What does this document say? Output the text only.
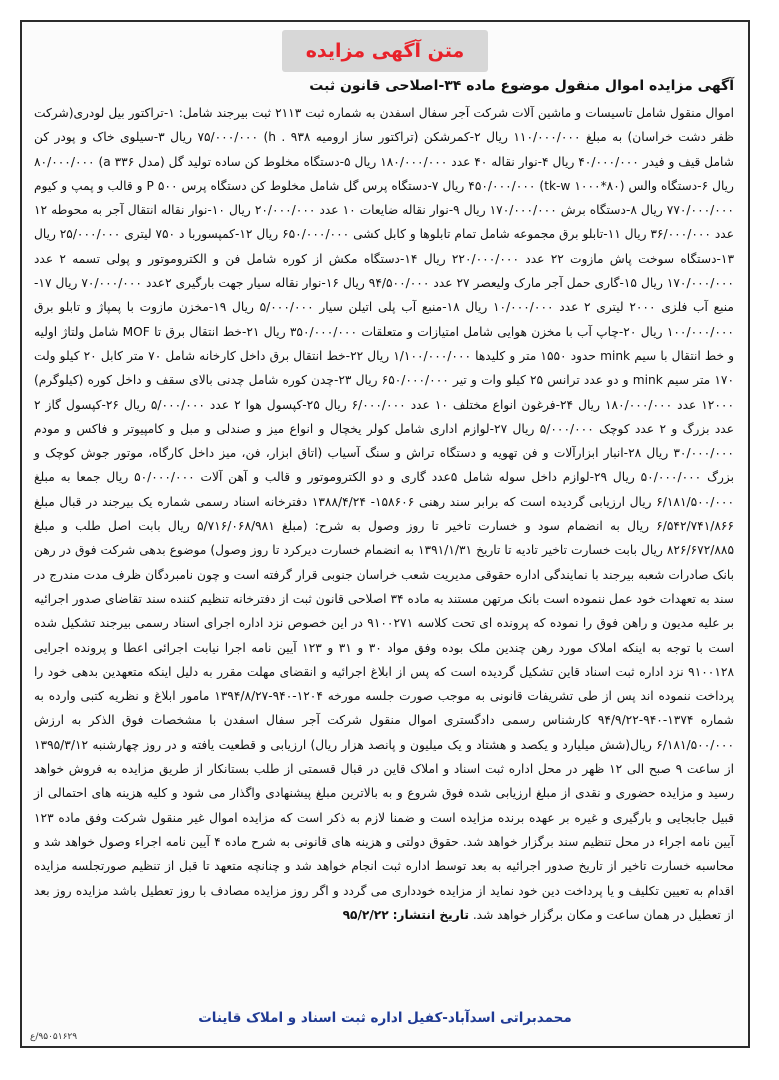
متن آگهی مزایده
آگهی مزایده اموال منقول موضوع ماده ۳۴-اصلاحی قانون ثبت

اموال منقول شامل تاسیسات و ماشین آلات شرکت آجر سفال اسفدن به شماره ثبت ۲۱۱۳ ثبت بیرجند شامل: ۱-تراکتور بیل لودری(شرکت ظفر دشت خراسان) به مبلغ ۱۱۰/۰۰۰/۰۰۰ ریال ۲-کمرشکن (تراکتور ساز ارومیه h . ۹۳۸) ۷۵/۰۰۰/۰۰۰ ریال ۳-سیلوی خاک و پودر کن شامل قیف و فیدر ۴۰/۰۰۰/۰۰۰ ریال ۴-نوار نقاله ۴۰ عدد ۱۸۰/۰۰۰/۰۰۰ ریال ۵-دستگاه مخلوط کن ساده تولید گل (مدل a ۳۳۶) ۸۰/۰۰۰/۰۰۰ ریال ۶-دستگاه والس (tk-w ۱۰۰۰*۸۰) ۴۵۰/۰۰۰/۰۰۰ ریال ۷-دستگاه پرس گل شامل مخلوط کن دستگاه پرس P ۵۰۰ و قالب و پمپ و کیوم ۷۷۰/۰۰۰/۰۰۰ ریال ۸-دستگاه برش ۱۷۰/۰۰۰/۰۰۰ ریال ۹-نوار نقاله ضایعات ۱۰ عدد ۲۰/۰۰۰/۰۰۰ ریال ۱۰-نوار نقاله انتقال آجر به محوطه ۱۲ عدد ۳۶/۰۰۰/۰۰۰ ریال ۱۱-تابلو برق مجموعه شامل تمام تابلوها و کابل کشی ۶۵۰/۰۰۰/۰۰۰ ریال ۱۲-کمپسوربا د ۷۵۰ لیتری ۲۵/۰۰۰/۰۰۰ ریال ۱۳-دستگاه سوخت پاش مازوت ۲۲ عدد ۲۲۰/۰۰۰/۰۰۰ ریال ۱۴-دستگاه مکش از کوره شامل فن و الکتروموتور و پولی تسمه ۲ عدد ۱۷۰/۰۰۰/۰۰۰ ریال ۱۵-گاری حمل آجر مارک ولیعصر ۲۷ عدد ۹۴/۵۰۰/۰۰۰ ریال ۱۶-نوار نقاله سیار جهت بارگیری ۲عدد ۷۰/۰۰۰/۰۰۰ ریال ۱۷-منبع آب فلزی ۲۰۰۰ لیتری ۲ عدد ۱۰/۰۰۰/۰۰۰ ریال ۱۸-منبع آب پلی اتیلن سیار ۵/۰۰۰/۰۰۰ ریال ۱۹-مخزن مازوت با پمپاژ و تابلو برق ۱۰۰/۰۰۰/۰۰۰ ریال ۲۰-چاپ آب با مخزن هوایی شامل امتیازات و متعلقات ۳۵۰/۰۰۰/۰۰۰ ریال ۲۱-خط انتقال برق تا MOF شامل ولتاژ اولیه و خط انتقال با سیم mink حدود ۱۵۵۰ متر و کلیدها ۱/۱۰۰/۰۰۰/۰۰۰ ریال ۲۲-خط انتقال برق داخل کارخانه شامل ۷۰ متر کابل ۲۰ کیلو ولت ۱۷۰ متر سیم mink و دو عدد ترانس ۲۵ کیلو وات و تیر ۶۵۰/۰۰۰/۰۰۰ ریال ۲۳-چدن کوره شامل چدنی بالای سقف و داخل کوره (کیلوگرم) ۱۲۰۰۰ عدد ۱۸۰/۰۰۰/۰۰۰ ریال ۲۴-فرغون انواع مختلف ۱۰ عدد ۶/۰۰۰/۰۰۰ ریال ۲۵-کپسول هوا ۲ عدد ۵/۰۰۰/۰۰۰ ریال ۲۶-کپسول گاز ۲ عدد بزرگ و ۲ عدد کوچک ۵/۰۰۰/۰۰۰ ریال ۲۷-لوازم اداری شامل کولر یخچال و انواع میز و صندلی و مبل و کامپیوتر و فاکس و مودم ۳۰/۰۰۰/۰۰۰ ریال ۲۸-انبار ابزارآلات و فن تهویه و دستگاه تراش و سنگ آسیاب (اتاق ابزار، فن، میز داخل کارگاه، موتور جوش کوچک و بزرگ ۵۰/۰۰۰/۰۰۰ ریال ۲۹-لوازم داخل سوله شامل ۵عدد گاری و دو الکتروموتور و قالب و آهن آلات ۵۰/۰۰۰/۰۰۰ ریال جمعا به مبلغ ۶/۱۸۱/۵۰۰/۰۰۰ ریال ارزیابی گردیده است که برابر سند رهنی ۱۵۸۶۰۶- ۱۳۸۸/۴/۲۴ دفترخانه اسناد رسمی شماره یک بیرجند در قبال مبلغ ۶/۵۴۲/۷۴۱/۸۶۶ ریال به انضمام سود و خسارت تاخیر تا روز وصول به شرح: (مبلغ ۵/۷۱۶/۰۶۸/۹۸۱ ریال بابت اصل طلب و مبلغ ۸۲۶/۶۷۲/۸۸۵ ریال بابت خسارت تاخیر تادیه تا تاریخ ۱۳۹۱/۱/۳۱ به انضمام خسارت دیرکرد تا روز وصول) موضوع بدهی شرکت فوق در رهن بانک صادرات شعبه بیرجند با نمایندگی اداره حقوقی مدیریت شعب خراسان جنوبی قرار گرفته است و چون نامبردگان ظرف مدت مندرج در سند به تعهدات خود عمل ننموده است بانک مرتهن مستند به ماده ۳۴ اصلاحی قانون ثبت از دفترخانه تنظیم کننده سند تقاضای صدور اجرائیه بر علیه مدیون و راهن فوق را نموده که پرونده ای تحت کلاسه ۹۱۰۰۲۷۱ در این خصوص نزد اداره اجرای اسناد رسمی بیرجند تشکیل شده است با توجه به اینکه املاک مورد رهن چندین ملک بوده وفق مواد ۳۰ و ۳۱ و ۱۲۳ آیین نامه اجرا نیابت اجرائی اعطا و پرونده اجرایی ۹۱۰۰۱۲۸ نزد اداره ثبت اسناد قاین تشکیل گردیده است که پس از ابلاغ اجرائیه و انقضای مهلت مقرر به دلیل اینکه متعهدین بدهی خود را پرداخت ننموده اند پس از طی تشریفات قانونی به موجب صورت جلسه مورخه ۱۲۰۴-۹۴۰-۱۳۹۴/۸/۲۷ مامور ابلاغ و نظریه کتبی وارده به شماره ۱۳۷۴-۹۴۰-۹۴/۹/۲۲ کارشناس رسمی دادگستری اموال منقول شرکت آجر سفال اسفدن با مشخصات فوق الذکر به ارزش ۶/۱۸۱/۵۰۰/۰۰۰ ریال(شش میلیارد و یکصد و هشتاد و یک میلیون و پانصد هزار ریال) ارزیابی و قطعیت یافته و در روز چهارشنبه ۱۳۹۵/۳/۱۲ از ساعت ۹ صبح الی ۱۲ ظهر در محل اداره ثبت اسناد و املاک قاین در قبال قسمتی از طلب بستانکار از طریق مزایده به فروش خواهد رسید و مزایده حضوری و نقدی از مبلغ ارزیابی شده فوق شروع و به بالاترین مبلغ پیشنهادی واگذار می شود و کلیه هزینه های احتمالی از قبیل جابجایی و بارگیری و غیره بر عهده برنده مزایده است و ضمنا لازم به ذکر است که مزایده اموال غیر منقول شرکت وفق ماده ۱۲۳ آیین نامه اجراء در محل تنظیم سند برگزار خواهد شد. حقوق دولتی و هزینه های قانونی به شرح ماده ۴ آیین نامه اجراء وصول خواهد شد و محاسبه خسارت تاخیر از تاریخ صدور اجرائیه به بعد توسط اداره ثبت انجام خواهد شد و چنانچه متعهد تا قبل از تنظیم صورتجلسه مزایده اقدام به تعیین تکلیف و یا پرداخت دین خود نماید از مزایده خودداری می گردد و اگر روز مزایده مصادف با روز تعطیل باشد مزایده روز بعد از تعطیل در همان ساعت و مکان برگزار خواهد شد. تاریخ انتشار: ۹۵/۲/۲۲

محمدبراتی اسدآباد-کفیل اداره ثبت اسناد و املاک قاینات
۹۵۰۵۱۶۲۹/ع
